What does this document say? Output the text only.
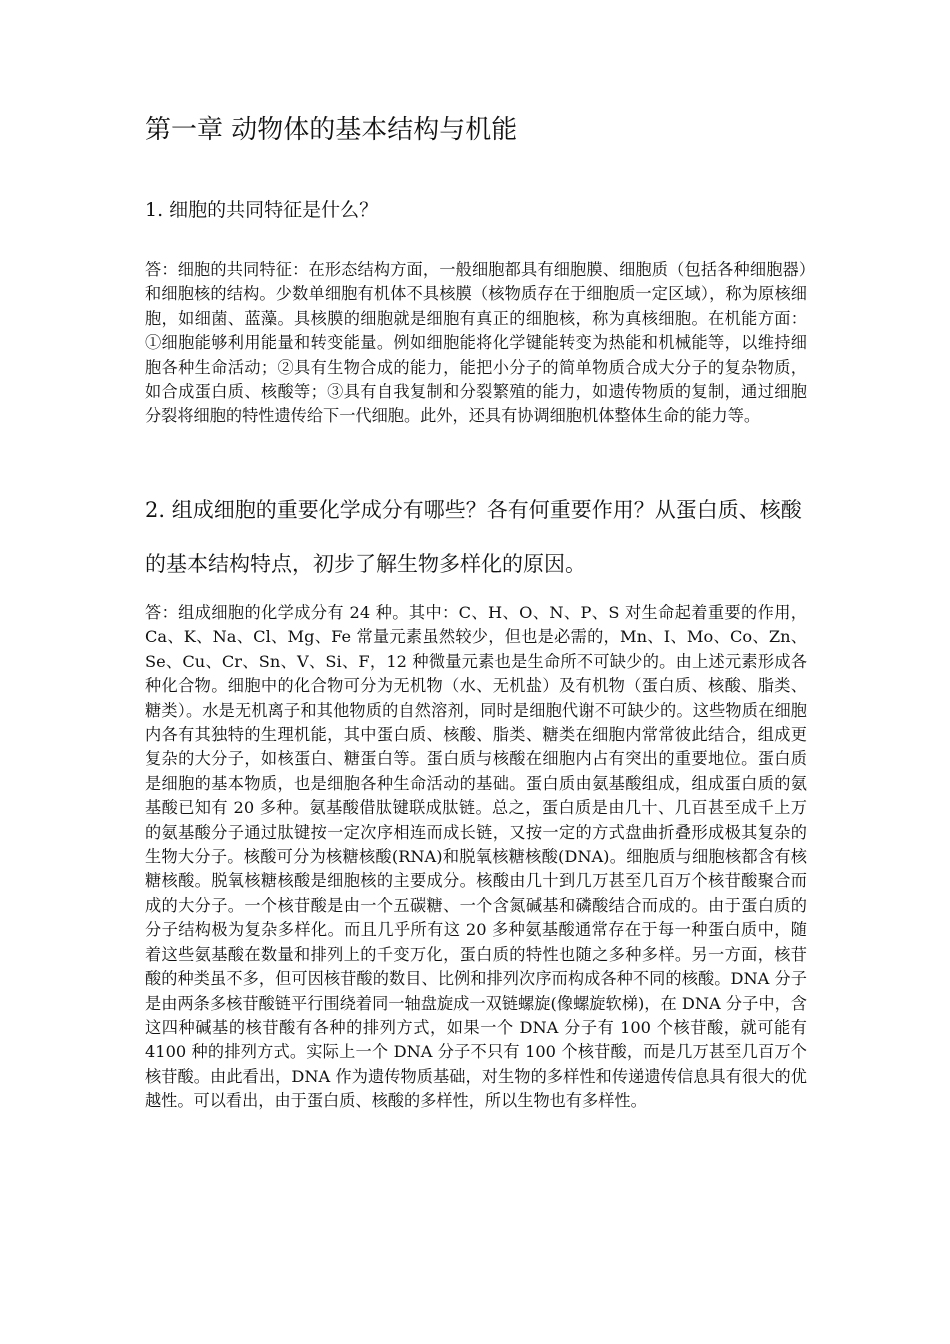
第一章 动物体的基本结构与机能
1. 细胞的共同特征是什么？

答：细胞的共同特征：在形态结构方面，一般细胞都具有细胞膜、细胞质（包括各种细胞器）和细胞核的结构。少数单细胞有机体不具核膜（核物质存在于细胞质一定区域），称为原核细胞，如细菌、蓝藻。具核膜的细胞就是细胞有真正的细胞核，称为真核细胞。在机能方面：①细胞能够利用能量和转变能量。例如细胞能将化学键能转变为热能和机械能等，以维持细胞各种生命活动；②具有生物合成的能力，能把小分子的简单物质合成大分子的复杂物质，如合成蛋白质、核酸等；③具有自我复制和分裂繁殖的能力，如遗传物质的复制，通过细胞分裂将细胞的特性遗传给下一代细胞。此外，还具有协调细胞机体整体生命的能力等。

2. 组成细胞的重要化学成分有哪些？各有何重要作用？从蛋白质、核酸的基本结构特点，初步了解生物多样化的原因。

答：组成细胞的化学成分有 24 种。其中：C、H、O、N、P、S 对生命起着重要的作用，Ca、K、Na、Cl、Mg、Fe 常量元素虽然较少，但也是必需的，Mn、I、Mo、Co、Zn、Se、Cu、Cr、Sn、V、Si、F，12 种微量元素也是生命所不可缺少的。由上述元素形成各种化合物。细胞中的化合物可分为无机物（水、无机盐）及有机物（蛋白质、核酸、脂类、糖类）。水是无机离子和其他物质的自然溶剂，同时是细胞代谢不可缺少的。这些物质在细胞内各有其独特的生理机能，其中蛋白质、核酸、脂类、糖类在细胞内常常彼此结合，组成更复杂的大分子，如核蛋白、糖蛋白等。蛋白质与核酸在细胞内占有突出的重要地位。蛋白质是细胞的基本物质，也是细胞各种生命活动的基础。蛋白质由氨基酸组成，组成蛋白质的氨基酸已知有 20 多种。氨基酸借肽键联成肽链。总之，蛋白质是由几十、几百甚至成千上万的氨基酸分子通过肽键按一定次序相连而成长链，又按一定的方式盘曲折叠形成极其复杂的生物大分子。核酸可分为核糖核酸(RNA)和脱氧核糖核酸(DNA)。细胞质与细胞核都含有核糖核酸。脱氧核糖核酸是细胞核的主要成分。核酸由几十到几万甚至几百万个核苷酸聚合而成的大分子。一个核苷酸是由一个五碳糖、一个含氮碱基和磷酸结合而成的。由于蛋白质的分子结构极为复杂多样化。而且几乎所有这 20 多种氨基酸通常存在于每一种蛋白质中，随着这些氨基酸在数量和排列上的千变万化，蛋白质的特性也随之多种多样。另一方面，核苷酸的种类虽不多，但可因核苷酸的数目、比例和排列次序而构成各种不同的核酸。DNA 分子是由两条多核苷酸链平行围绕着同一轴盘旋成一双链螺旋(像螺旋软梯)，在 DNA 分子中，含这四种碱基的核苷酸有各种的排列方式，如果一个 DNA 分子有 100 个核苷酸，就可能有 4100 种的排列方式。实际上一个 DNA 分子不只有 100 个核苷酸，而是几万甚至几百万个核苷酸。由此看出，DNA 作为遗传物质基础，对生物的多样性和传递遗传信息具有很大的优越性。可以看出，由于蛋白质、核酸的多样性，所以生物也有多样性。
